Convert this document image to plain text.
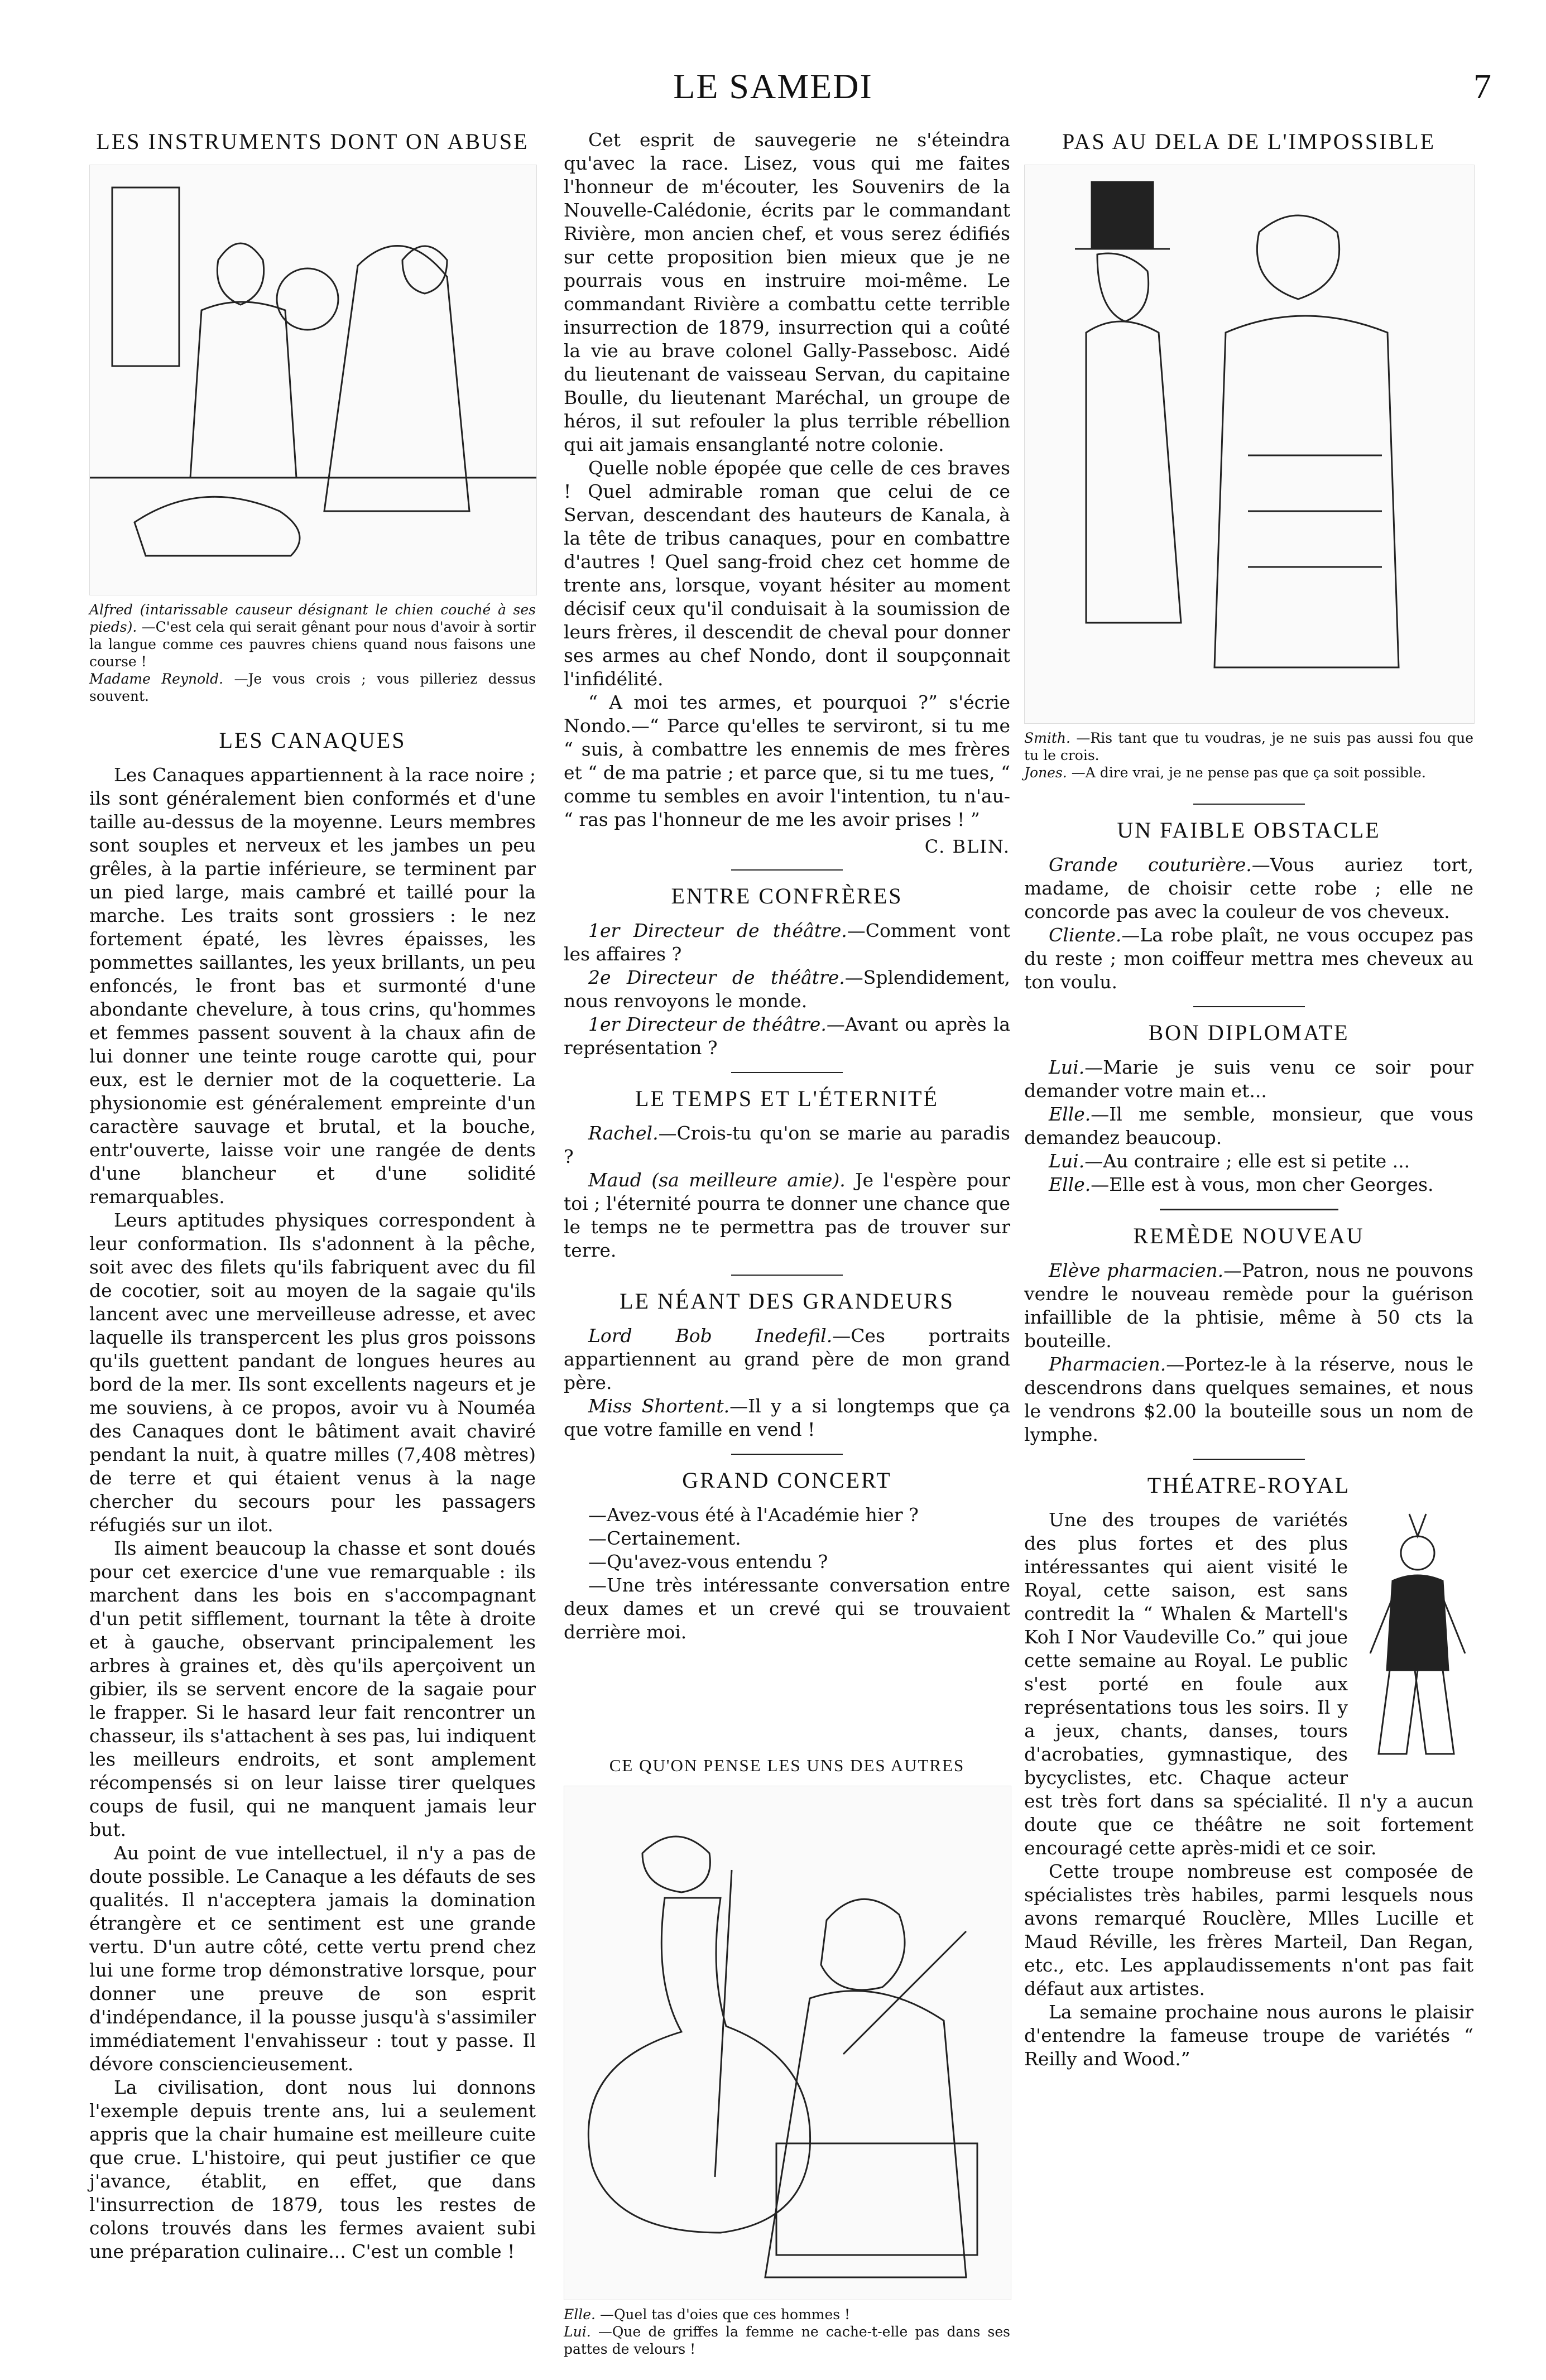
LE SAMEDI	7
LES INSTRUMENTS DONT ON ABUSE
Alfred (intarissable causeur désignant le chien couché à ses pieds). —C'est cela qui serait gênant pour nous d'avoir à sortir la langue comme ces pauvres chiens quand nous faisons une course !
Madame Reynold. —Je vous crois ; vous pilleriez dessus souvent.
LES CANAQUES

Les Canaques appartiennent à la race noire ; ils sont généralement bien conformés et d'une taille au-dessus de la moyenne. Leurs membres sont souples et nerveux et les jambes un peu grêles, à la partie inférieure, se terminent par un pied large, mais cambré et taillé pour la marche. Les traits sont grossiers : le nez fortement épaté, les lèvres épaisses, les pommettes saillantes, les yeux brillants, un peu enfoncés, le front bas et surmonté d'une abondante chevelure, à tous crins, qu'hommes et femmes passent souvent à la chaux afin de lui donner une teinte rouge carotte qui, pour eux, est le dernier mot de la coquetterie. La physionomie est généralement empreinte d'un caractère sauvage et brutal, et la bouche, entr'ouverte, laisse voir une rangée de dents d'une blancheur et d'une solidité remarquables.

Leurs aptitudes physiques correspondent à leur conformation. Ils s'adonnent à la pêche, soit avec des filets qu'ils fabriquent avec du fil de cocotier, soit au moyen de la sagaie qu'ils lancent avec une merveilleuse adresse, et avec laquelle ils transpercent les plus gros poissons qu'ils guettent pandant de longues heures au bord de la mer. Ils sont excellents nageurs et je me souviens, à ce propos, avoir vu à Nouméa des Canaques dont le bâtiment avait chaviré pendant la nuit, à quatre milles (7,408 mètres) de terre et qui étaient venus à la nage chercher du secours pour les passagers réfugiés sur un ilot.

Ils aiment beaucoup la chasse et sont doués pour cet exercice d'une vue remarquable : ils marchent dans les bois en s'accompagnant d'un petit sifflement, tournant la tête à droite et à gauche, observant principalement les arbres à graines et, dès qu'ils aperçoivent un gibier, ils se servent encore de la sagaie pour le frapper. Si le hasard leur fait rencontrer un chasseur, ils s'attachent à ses pas, lui indiquent les meilleurs endroits, et sont amplement récompensés si on leur laisse tirer quelques coups de fusil, qui ne manquent jamais leur but.

Au point de vue intellectuel, il n'y a pas de doute possible. Le Canaque a les défauts de ses qualités. Il n'acceptera jamais la domination étrangère et ce sentiment est une grande vertu. D'un autre côté, cette vertu prend chez lui une forme trop démonstrative lorsque, pour donner une preuve de son esprit d'indépendance, il la pousse jusqu'à s'assimiler immédiatement l'envahisseur : tout y passe. Il dévore consciencieusement.

La civilisation, dont nous lui donnons l'exemple depuis trente ans, lui a seulement appris que la chair humaine est meilleure cuite que crue. L'histoire, qui peut justifier ce que j'avance, établit, en effet, que dans l'insurrection de 1879, tous les restes de colons trouvés dans les fermes avaient subi une préparation culinaire... C'est un comble !

Cet esprit de sauvegerie ne s'éteindra qu'avec la race. Lisez, vous qui me faites l'honneur de m'écouter, les Souvenirs de la Nouvelle-Calédonie, écrits par le commandant Rivière, mon ancien chef, et vous serez édifiés sur cette proposition bien mieux que je ne pourrais vous en instruire moi-même. Le commandant Rivière a combattu cette terrible insurrection de 1879, insurrection qui a coûté la vie au brave colonel Gally-Passebosc. Aidé du lieutenant de vaisseau Servan, du capitaine Boulle, du lieutenant Maréchal, un groupe de héros, il sut refouler la plus terrible rébellion qui ait jamais ensanglanté notre colonie.

Quelle noble épopée que celle de ces braves ! Quel admirable roman que celui de ce Servan, descendant des hauteurs de Kanala, à la tête de tribus canaques, pour en combattre d'autres ! Quel sang-froid chez cet homme de trente ans, lorsque, voyant hésiter au moment décisif ceux qu'il conduisait à la soumission de leurs frères, il descendit de cheval pour donner ses armes au chef Nondo, dont il soupçonnait l'infidélité.

“ A moi tes armes, et pourquoi ?” s'écrie Nondo.—“ Parce qu'elles te serviront, si tu me “ suis, à combattre les ennemis de mes frères et “ de ma patrie ; et parce que, si tu me tues, “ comme tu sembles en avoir l'intention, tu n'au- “ ras pas l'honneur de me les avoir prises ! ”

C. BLIN.
ENTRE CONFRÈRES

1er Directeur de théâtre.—Comment vont les affaires ?

2e Directeur de théâtre.—Splendidement, nous renvoyons le monde.

1er Directeur de théâtre.—Avant ou après la représentation ?

LE TEMPS ET L'ÉTERNITÉ

Rachel.—Crois-tu qu'on se marie au paradis ?

Maud (sa meilleure amie). Je l'espère pour toi ; l'éternité pourra te donner une chance que le temps ne te permettra pas de trouver sur terre.

LE NÉANT DES GRANDEURS

Lord Bob Inedefil.—Ces portraits appartiennent au grand père de mon grand père.

Miss Shortent.—Il y a si longtemps que ça que votre famille en vend !

GRAND CONCERT

—Avez-vous été à l'Académie hier ?

—Certainement.

—Qu'avez-vous entendu ?

—Une très intéressante conversation entre deux dames et un crevé qui se trouvaient derrière moi.

CE QU'ON PENSE LES UNS DES AUTRES
Elle. —Quel tas d'oies que ces hommes !
Lui. —Que de griffes la femme ne cache-t-elle pas dans ses pattes de velours !
PAS AU DELA DE L'IMPOSSIBLE
Smith. —Ris tant que tu voudras, je ne suis pas aussi fou que tu le crois.
Jones. —A dire vrai, je ne pense pas que ça soit possible.
UN FAIBLE OBSTACLE

Grande couturière.—Vous auriez tort, madame, de choisir cette robe ; elle ne concorde pas avec la couleur de vos cheveux.

Cliente.—La robe plaît, ne vous occupez pas du reste ; mon coiffeur mettra mes cheveux au ton voulu.

BON DIPLOMATE

Lui.—Marie je suis venu ce soir pour demander votre main et...

Elle.—Il me semble, monsieur, que vous demandez beaucoup.

Lui.—Au contraire ; elle est si petite ...

Elle.—Elle est à vous, mon cher Georges.

REMÈDE NOUVEAU

Elève pharmacien.—Patron, nous ne pouvons vendre le nouveau remède pour la guérison infaillible de la phtisie, même à 50 cts la bouteille.

Pharmacien.—Portez-le à la réserve, nous le descendrons dans quelques semaines, et nous le vendrons $2.00 la bouteille sous un nom de lymphe.

THÉATRE-ROYAL

Une des troupes de variétés des plus fortes et des plus intéressantes qui aient visité le Royal, cette saison, est sans contredit la “ Whalen & Martell's Koh I Nor Vaudeville Co.” qui joue cette semaine au Royal. Le public s'est porté en foule aux représentations tous les soirs. Il y a jeux, chants, danses, tours d'acrobaties, gymnastique, des bycyclistes, etc. Chaque acteur est très fort dans sa spécialité. Il n'y a aucun doute que ce théâtre ne soit fortement encouragé cette après-midi et ce soir.

Cette troupe nombreuse est composée de spécialistes très habiles, parmi lesquels nous avons remarqué Rouclère, Mlles Lucille et Maud Réville, les frères Marteil, Dan Regan, etc., etc. Les applaudissements n'ont pas fait défaut aux artistes.

La semaine prochaine nous aurons le plaisir d'entendre la fameuse troupe de variétés “ Reilly and Wood.”
